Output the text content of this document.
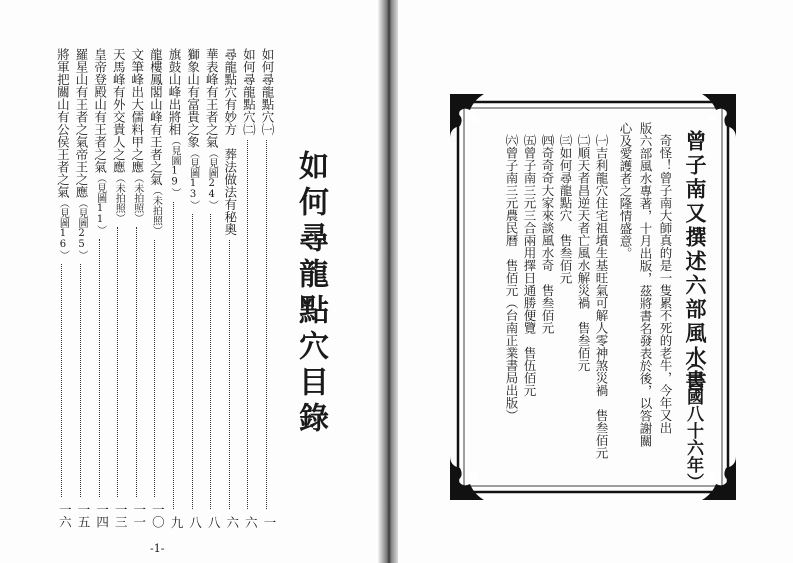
如何尋龍點穴目錄
如何尋龍點穴㈠
一
如何尋龍點穴㈡
六
尋龍點穴有妙方　葬法做法有秘奧
六
華表峰有王者之氣（見圖24）
八
獅象山有富貴之象（見圖13）
八
旗鼓山峰出將相（見圖19）
九
龍樓鳳閣山峰有王者之氣（未拍照）
一〇
文筆峰出大儒料甲之應（未拍照）
一一
天馬峰有外交貴人之應（未拍照）
一三
皇帝登殿山有王者之氣（見圖11）
一四
羅星山有王者之氣帝王之應（見圖25）
一五
將軍把關山有公侯王者之氣（見圖16）
一六
-1-
曾子南又撰述六部風水書
（民國八十六年）
奇怪！曾子南大師真的是一隻累不死的老牛，今年又出
版六部風水專著，十月出版，茲將書名發表於後，以答謝關
心及愛護者之隆情盛意。
㈠吉利龍穴住宅祖墳生基旺氣可解人零神煞災禍　售叁佰元
㈡順天者昌逆天者亡風水解災禍　售叁佰元
㈢如何尋龍點穴　售叁佰元
㈣奇奇奇大家來談風水奇　售叁佰元
㈤曾子南三元三合兩用擇日通勝便覽　售伍佰元
㈥曾子南三元農民曆　售佰元（台南正業書局出版）
